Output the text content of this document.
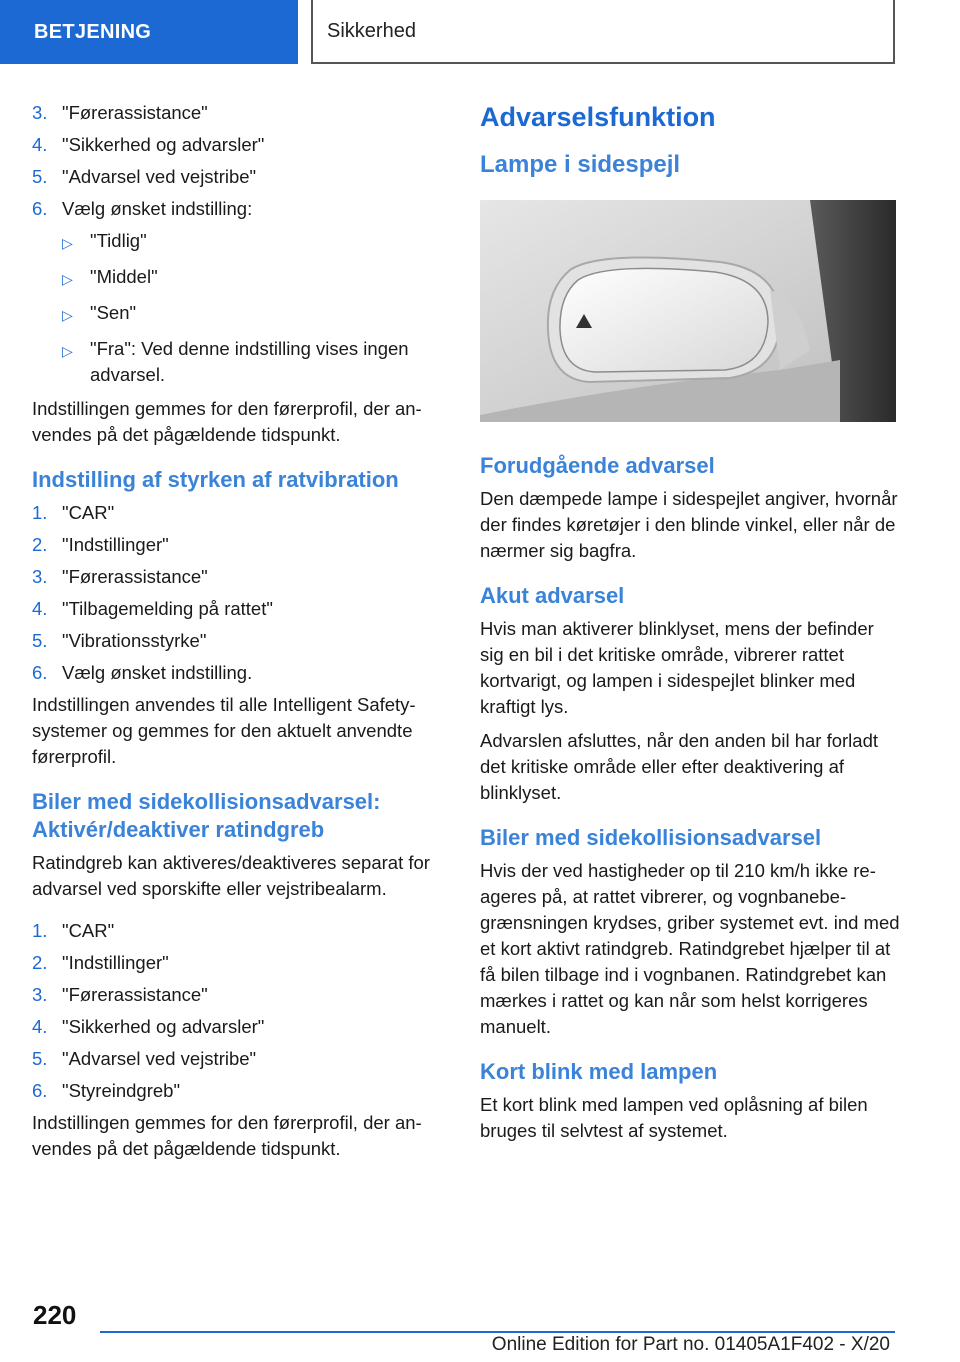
BETJENING	Sikkerhed
3. "Førerassistance"
4. "Sikkerhed og advarsler"
5. "Advarsel ved vejstribe"
6. Vælg ønsket indstilling:
▷ "Tidlig"
▷ "Middel"
▷ "Sen"
▷ "Fra": Ved denne indstilling vises ingen advarsel.

Indstillingen gemmes for den førerprofil, der anvendes på det pågældende tidspunkt.

Indstilling af styrken af ratvibration
1. "CAR"
2. "Indstillinger"
3. "Førerassistance"
4. "Tilbagemelding på rattet"
5. "Vibrationsstyrke"
6. Vælg ønsket indstilling.

Indstillingen anvendes til alle Intelligent Safety-systemer og gemmes for den aktuelt anvendte førerprofil.

Biler med sidekollisionsadvarsel: Aktivér/deaktiver ratindgreb

Ratindgreb kan aktiveres/deaktiveres separat for advarsel ved sporskifte eller vejstribealarm.

1. "CAR"
2. "Indstillinger"
3. "Førerassistance"
4. "Sikkerhed og advarsler"
5. "Advarsel ved vejstribe"
6. "Styreindgreb"

Indstillingen gemmes for den førerprofil, der anvendes på det pågældende tidspunkt.

Advarselsfunktion
Lampe i sidespejl
Forudgående advarsel

Den dæmpede lampe i sidespejlet angiver, hvornår der findes køretøjer i den blinde vinkel, eller når de nærmer sig bagfra.

Akut advarsel

Hvis man aktiverer blinklyset, mens der befinder sig en bil i det kritiske område, vibrerer rattet kortvarigt, og lampen i sidespejlet blinker med kraftigt lys.

Advarslen afsluttes, når den anden bil har forladt det kritiske område eller efter deaktivering af blinklyset.

Biler med sidekollisionsadvarsel

Hvis der ved hastigheder op til 210 km/h ikke reageres på, at rattet vibrerer, og vognbanebegrænsningen krydses, griber systemet evt. ind med et kort aktivt ratindgreb. Ratindgrebet hjælper til at få bilen tilbage ind i vognbanen. Ratindgrebet kan mærkes i rattet og kan når som helst korrigeres manuelt.

Kort blink med lampen

Et kort blink med lampen ved oplåsning af bilen bruges til selvtest af systemet.

220
Online Edition for Part no. 01405A1F402 - X/20
